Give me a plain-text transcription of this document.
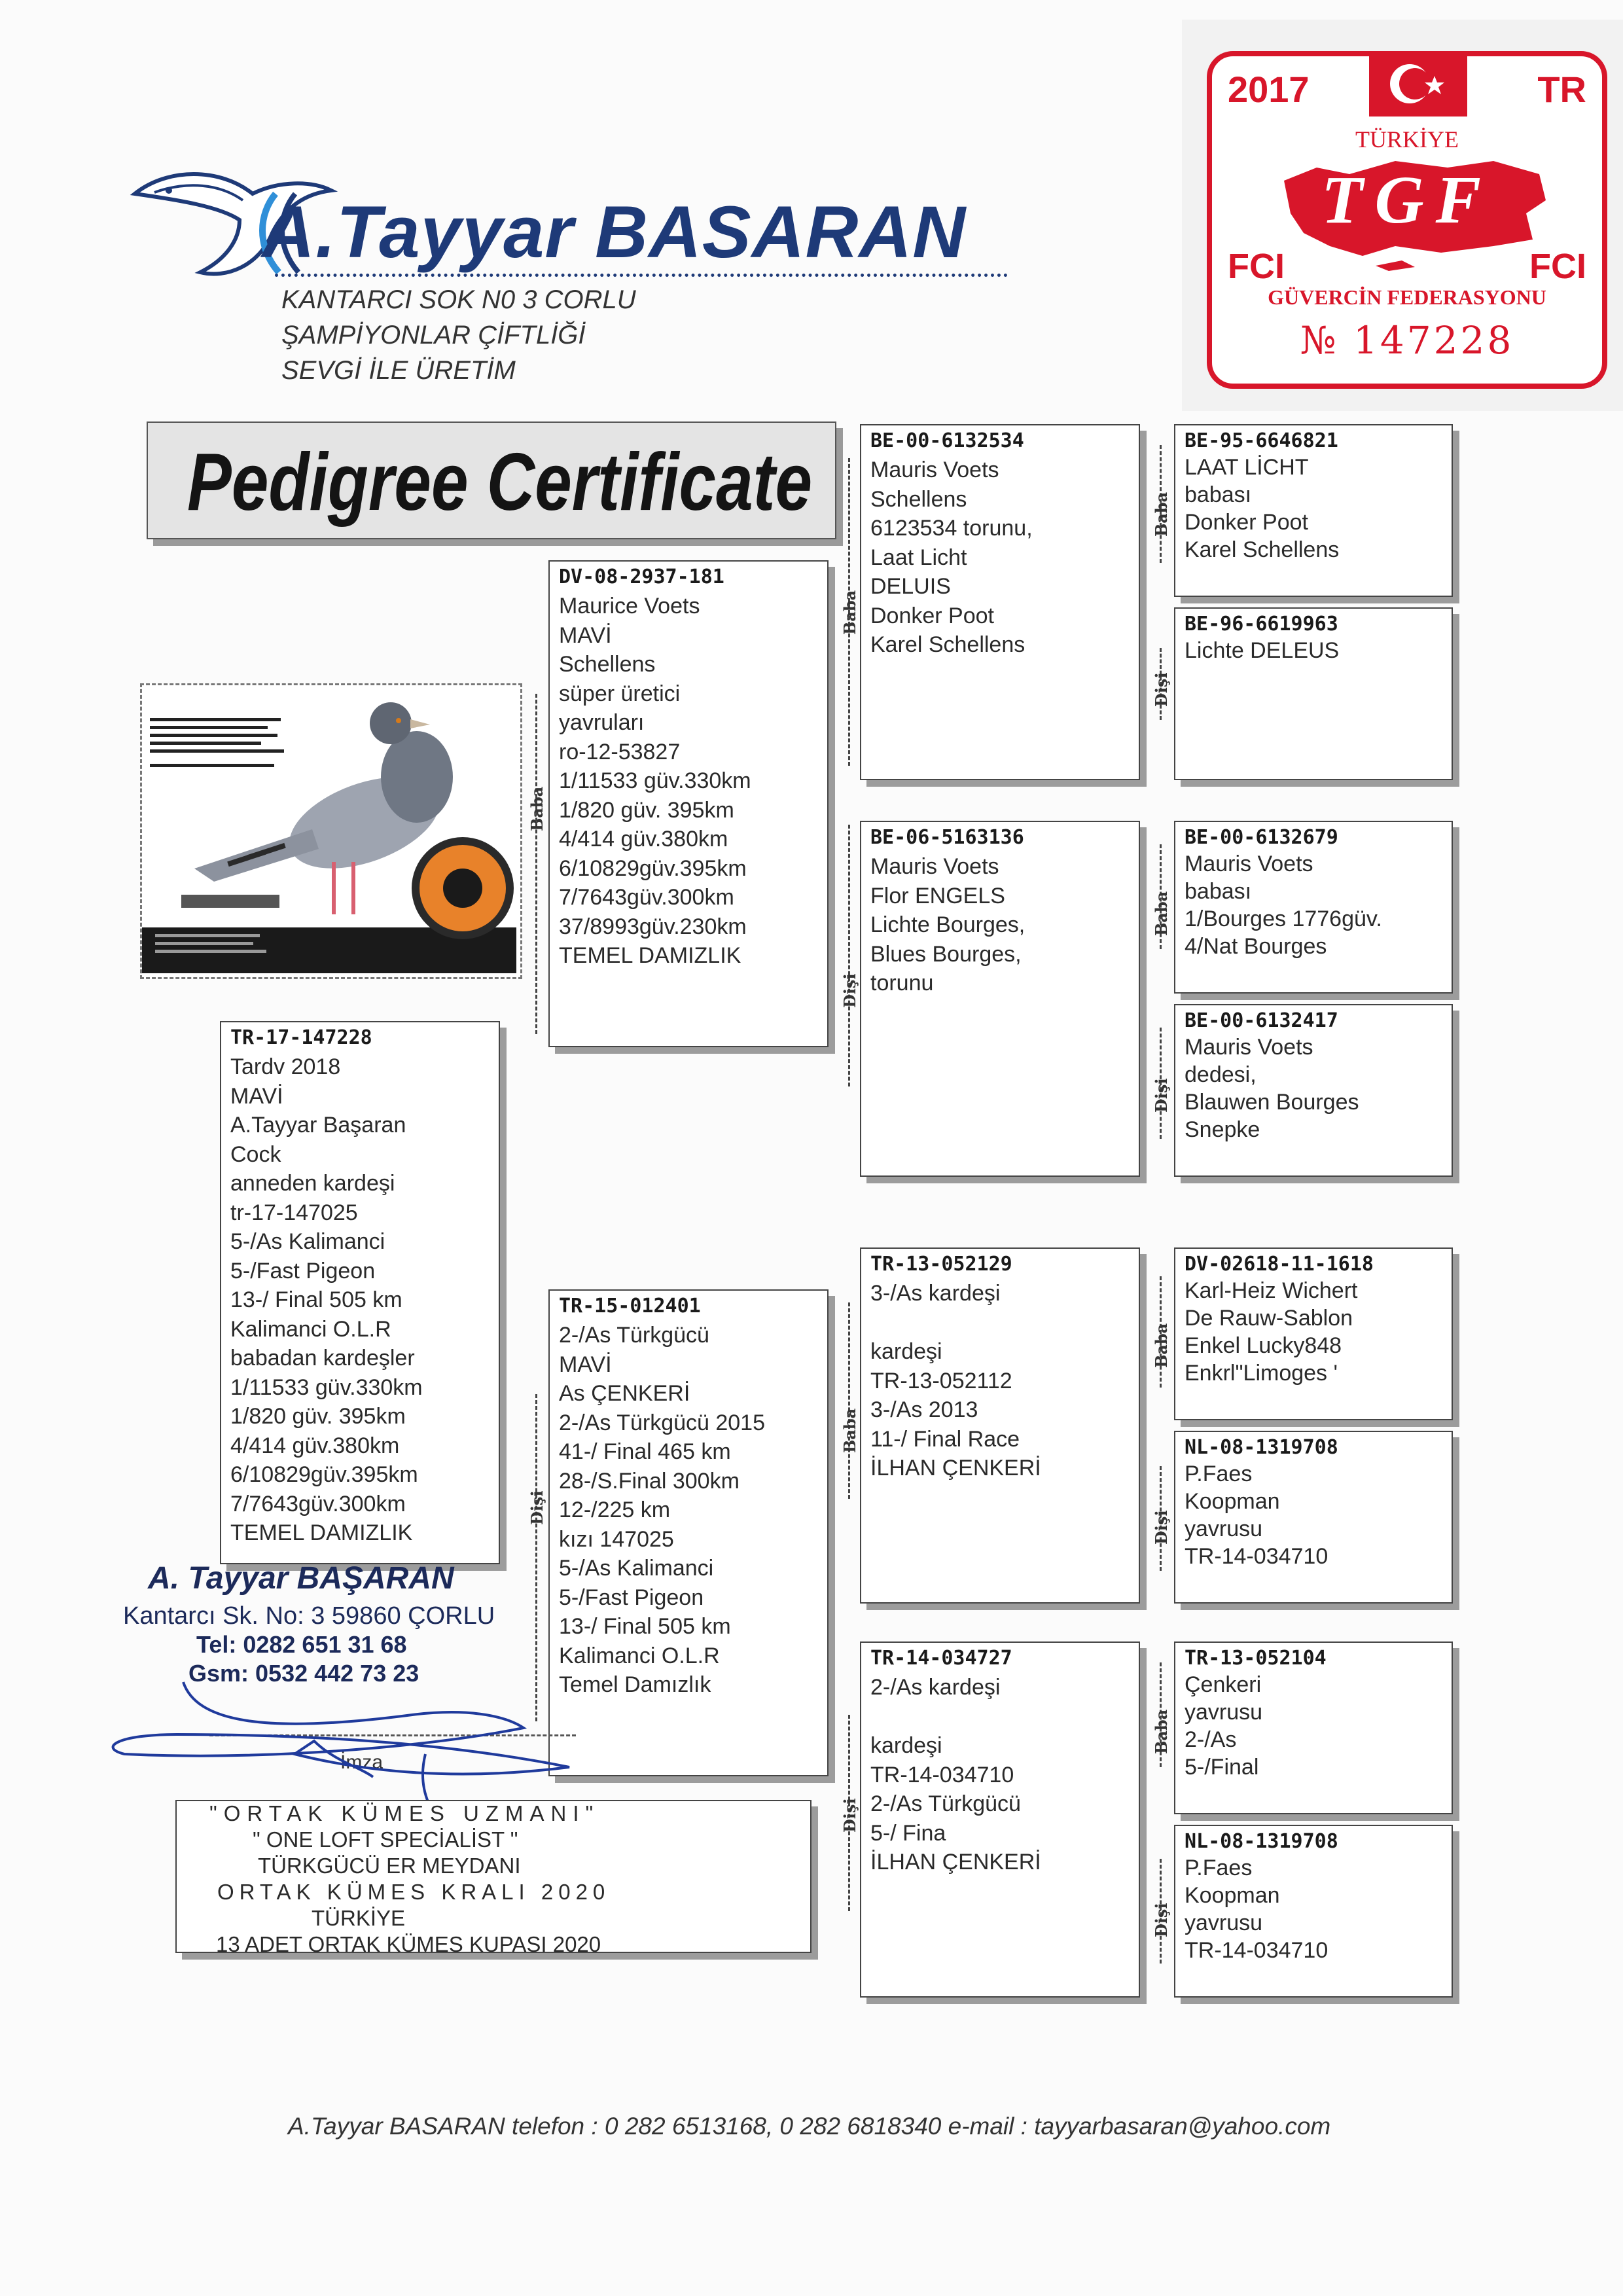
A.Tayyar BASARAN
KANTARCI SOK N0 3 CORLU
ŞAMPİYONLAR ÇİFTLİĞİ
SEVGİ İLE ÜRETİM
2017	TR
TÜRKİYE
TGF
FCI	FCI
GÜVERCİN FEDERASYONU
№ 147228
Pedigree Certificate
TR-17-147228
Tardv 2018
MAVİ
A.Tayyar Başaran
Cock
anneden kardeşi
tr-17-147025
5-/As Kalimanci
5-/Fast Pigeon
13-/ Final 505 km
Kalimanci O.L.R
babadan kardeşler
1/11533 güv.330km
1/820 güv. 395km
4/414 güv.380km
6/10829güv.395km
7/7643güv.300km
TEMEL DAMIZLIK
Baba
DV-08-2937-181
Maurice Voets
MAVİ
Schellens
süper üretici
yavruları
ro-12-53827
1/11533 güv.330km
1/820 güv. 395km
4/414 güv.380km
6/10829güv.395km
7/7643güv.300km
37/8993güv.230km
TEMEL DAMIZLIK
Dişi
TR-15-012401
2-/As Türkgücü
MAVİ
As ÇENKERİ
2-/As Türkgücü 2015
41-/ Final 465 km
28-/S.Final 300km
12-/225 km
kızı 147025
5-/As Kalimanci
5-/Fast Pigeon
13-/ Final 505 km
Kalimanci O.L.R
Temel Damızlık
Baba
BE-00-6132534
Mauris Voets
Schellens
6123534 torunu,
Laat Licht
DELUIS
Donker Poot
Karel Schellens
Dişi
BE-06-5163136
Mauris Voets
Flor ENGELS
Lichte Bourges,
Blues Bourges,
torunu
Baba
TR-13-052129
3-/As kardeşi
kardeşi
TR-13-052112
3-/As 2013
11-/ Final Race
İLHAN ÇENKERİ
Dişi
TR-14-034727
2-/As kardeşi
kardeşi
TR-14-034710
2-/As Türkgücü
5-/ Fina
İLHAN ÇENKERİ
Baba
BE-95-6646821
LAAT LİCHT
babası
Donker Poot
Karel Schellens
Dişi
BE-96-6619963
Lichte DELEUS
Baba
BE-00-6132679
Mauris Voets
babası
1/Bourges 1776güv.
4/Nat Bourges
Dişi
BE-00-6132417
Mauris Voets
dedesi,
Blauwen Bourges
Snepke
Baba
DV-02618-11-1618
Karl-Heiz Wichert
De Rauw-Sablon
Enkel Lucky848
Enkrl"Limoges '
Dişi
NL-08-1319708
P.Faes
Koopman
yavrusu
TR-14-034710
Baba
TR-13-052104
Çenkeri
yavrusu
2-/As
5-/Final
Dişi
NL-08-1319708
P.Faes
Koopman
yavrusu
TR-14-034710
A. Tayyar BAŞARAN
Kantarcı Sk. No: 3 59860 ÇORLU
Tel: 0282 651 31 68
Gsm: 0532 442 73 23
İmza
"ORTAK KÜMES UZMANI"
" ONE LOFT SPECİALİST "
TÜRKGÜCÜ ER MEYDANI
ORTAK KÜMES KRALI 2020
TÜRKİYE
13 ADET ORTAK KÜMES KUPASI 2020
A.Tayyar BASARAN telefon : 0 282 6513168, 0 282 6818340 e-mail : tayyarbasaran@yahoo.com
